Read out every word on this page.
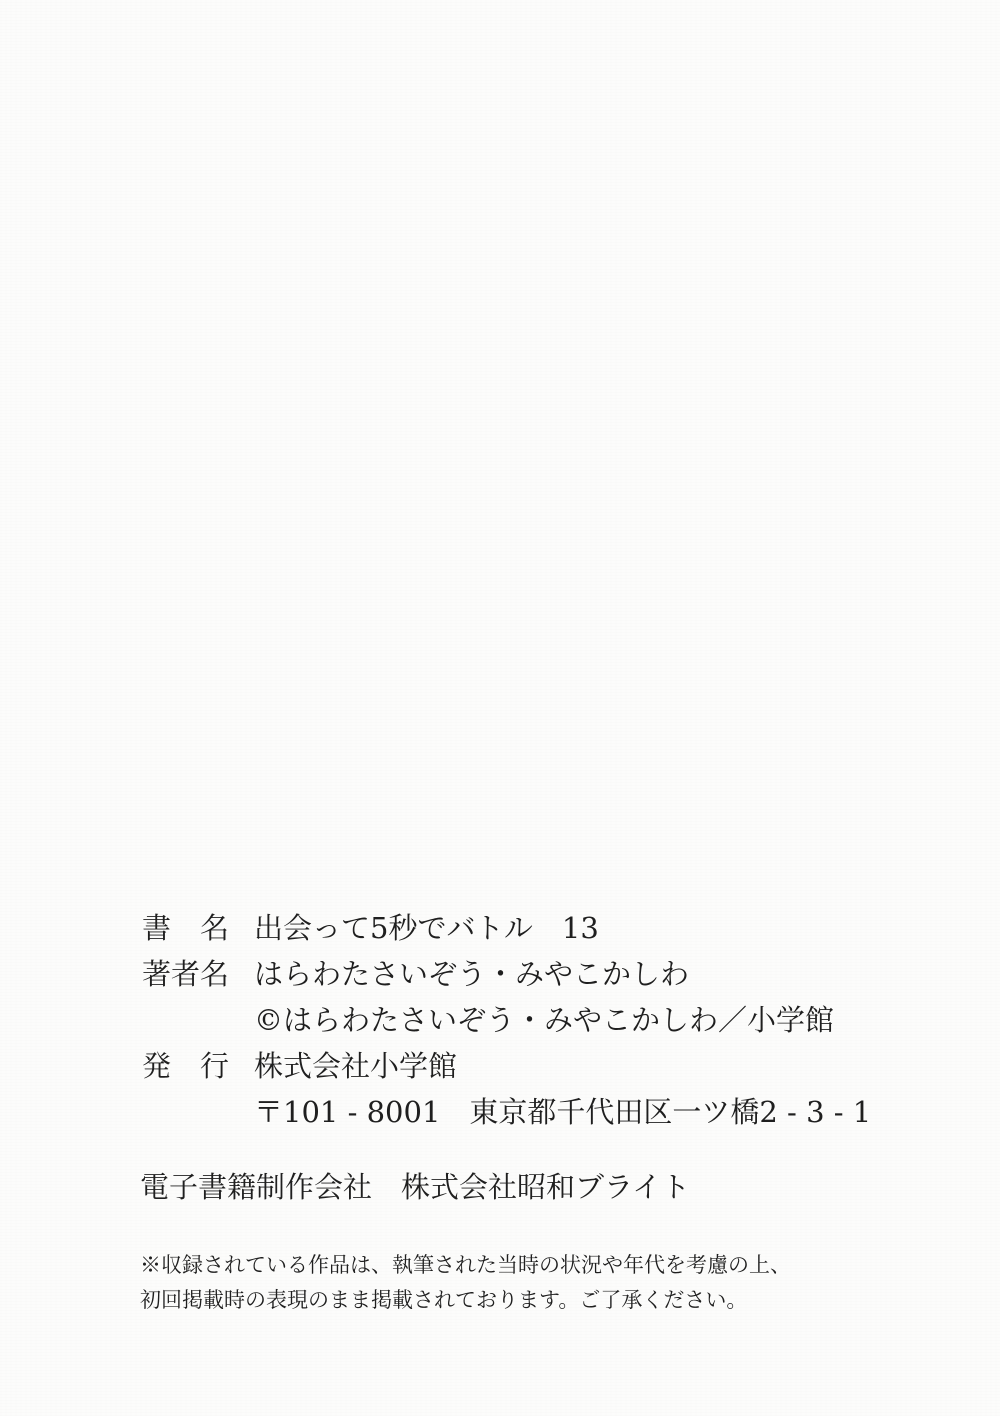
書　名 出会って5秒でバトル　13
著者名 はらわたさいぞう・みやこかしわ
©はらわたさいぞう・みやこかしわ／小学館
発　行 株式会社小学館
〒101 - 8001　東京都千代田区一ツ橋2 - 3 - 1
電子書籍制作会社　株式会社昭和ブライト
※収録されている作品は、執筆された当時の状況や年代を考慮の上、
初回掲載時の表現のまま掲載されております。ご了承ください。
